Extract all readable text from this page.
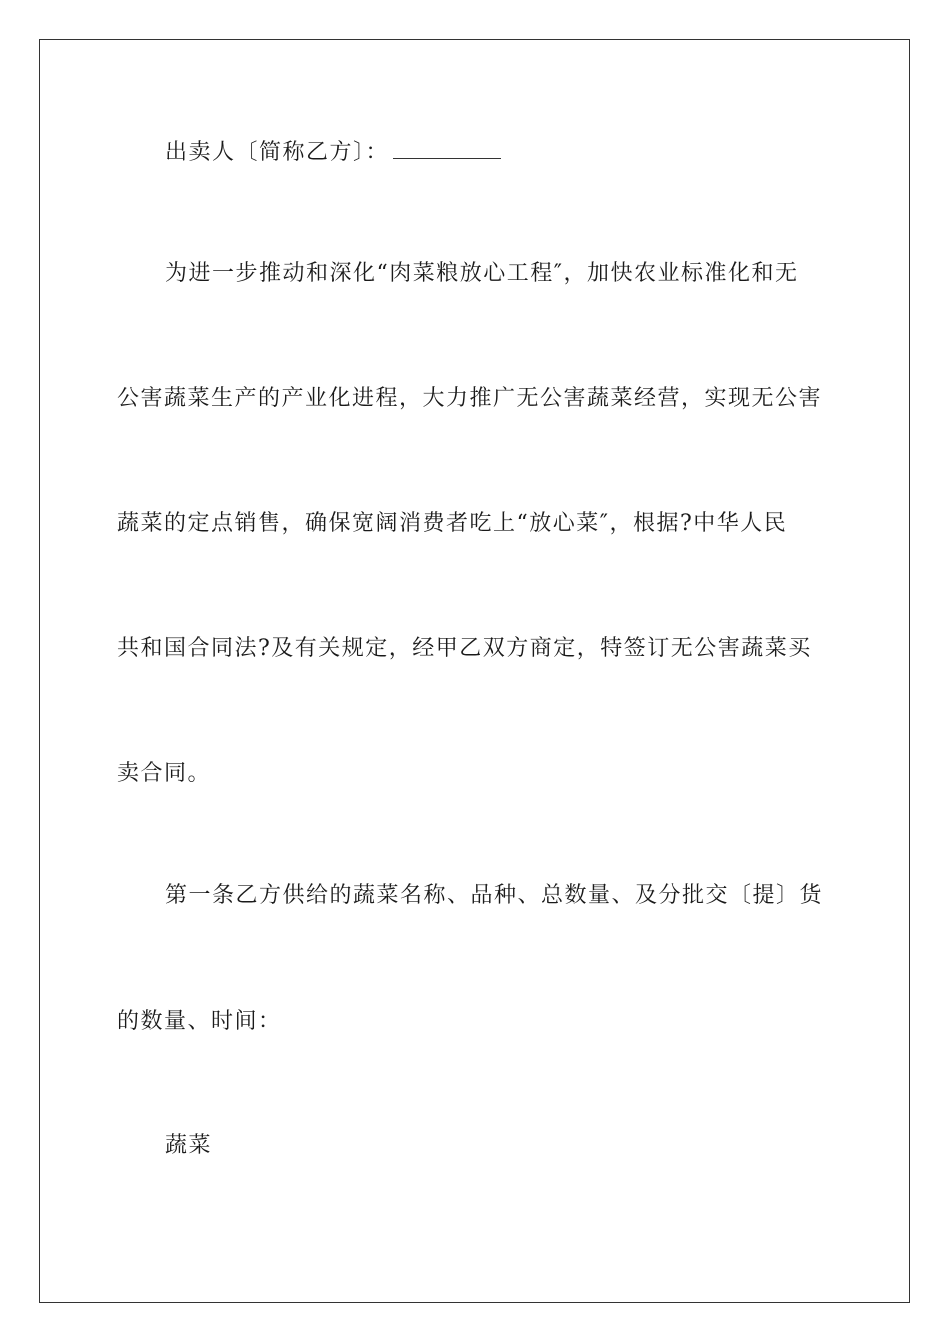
出卖人〔简称乙方〕：
为进一步推动和深化“肉菜粮放心工程″，加快农业标准化和无
公害蔬菜生产的产业化进程，大力推广无公害蔬菜经营，实现无公害
蔬菜的定点销售，确保宽阔消费者吃上“放心菜″，根据?中华人民
共和国合同法?及有关规定，经甲乙双方商定，特签订无公害蔬菜买
卖合同。
第一条乙方供给的蔬菜名称、品种、总数量、及分批交〔提〕货
的数量、时间：
蔬菜
